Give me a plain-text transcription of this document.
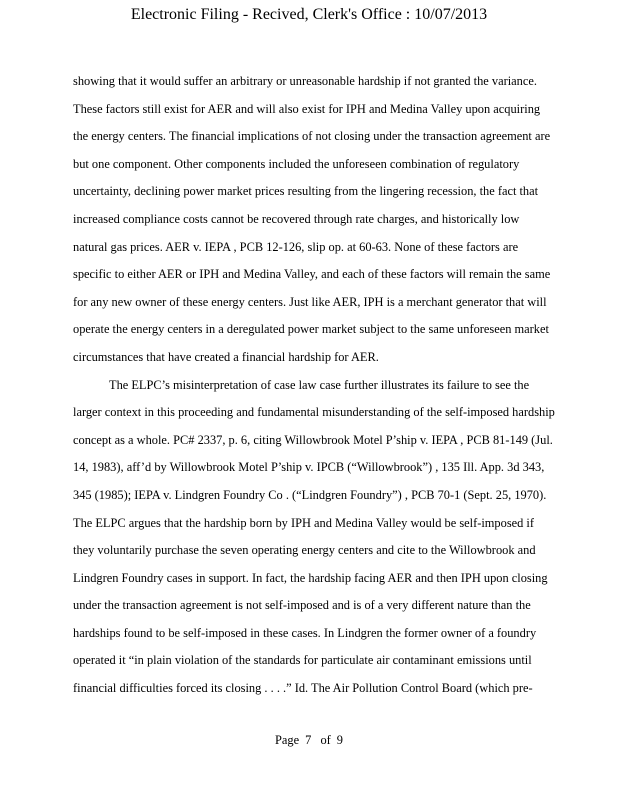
Electronic Filing - Recived, Clerk's Office : 10/07/2013
showing that it would suffer an arbitrary or unreasonable hardship if not granted the variance.
These factors still exist for AER and will also exist for IPH and Medina Valley upon acquiring
the energy centers. The financial implications of not closing under the transaction agreement are
but one component. Other components included the unforeseen combination of regulatory
uncertainty, declining power market prices resulting from the lingering recession, the fact that
increased compliance costs cannot be recovered through rate charges, and historically low
natural gas prices. AER v. IEPA , PCB 12-126, slip op. at 60-63. None of these factors are
specific to either AER or IPH and Medina Valley, and each of these factors will remain the same
for any new owner of these energy centers. Just like AER, IPH is a merchant generator that will
operate the energy centers in a deregulated power market subject to the same unforeseen market
circumstances that have created a financial hardship for AER.
The ELPC’s misinterpretation of case law case further illustrates its failure to see the
larger context in this proceeding and fundamental misunderstanding of the self-imposed hardship
concept as a whole. PC# 2337, p. 6, citing Willowbrook Motel P’ship v. IEPA , PCB 81-149 (Jul.
14, 1983), aff’d by Willowbrook Motel P’ship v. IPCB (“Willowbrook”) , 135 Ill. App. 3d 343,
345 (1985); IEPA v. Lindgren Foundry Co . (“Lindgren Foundry”) , PCB 70-1 (Sept. 25, 1970).
The ELPC argues that the hardship born by IPH and Medina Valley would be self-imposed if
they voluntarily purchase the seven operating energy centers and cite to the Willowbrook and
Lindgren Foundry cases in support. In fact, the hardship facing AER and then IPH upon closing
under the transaction agreement is not self-imposed and is of a very different nature than the
hardships found to be self-imposed in these cases. In Lindgren the former owner of a foundry
operated it “in plain violation of the standards for particulate air contaminant emissions until
financial difficulties forced its closing . . . .” Id. The Air Pollution Control Board (which pre-
Page 7 of 9
